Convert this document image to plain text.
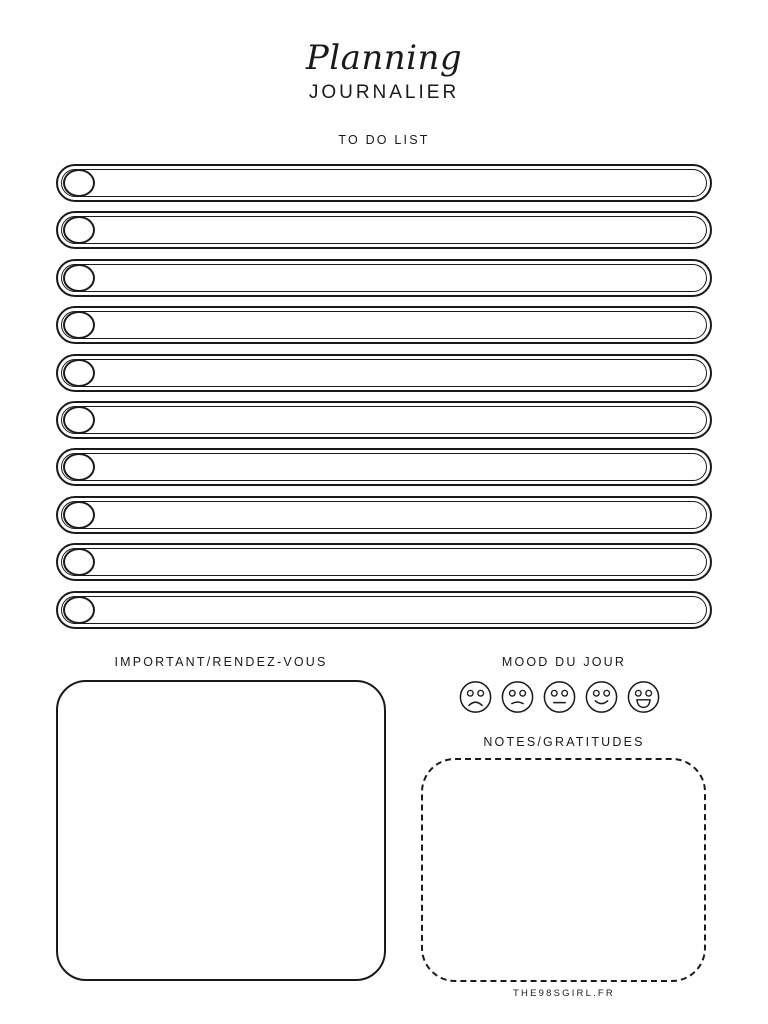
Planning
JOURNALIER
TO DO LIST
IMPORTANT/RENDEZ-VOUS	MOOD DU JOUR
NOTES/GRATITUDES
THE98SGIRL.FR
